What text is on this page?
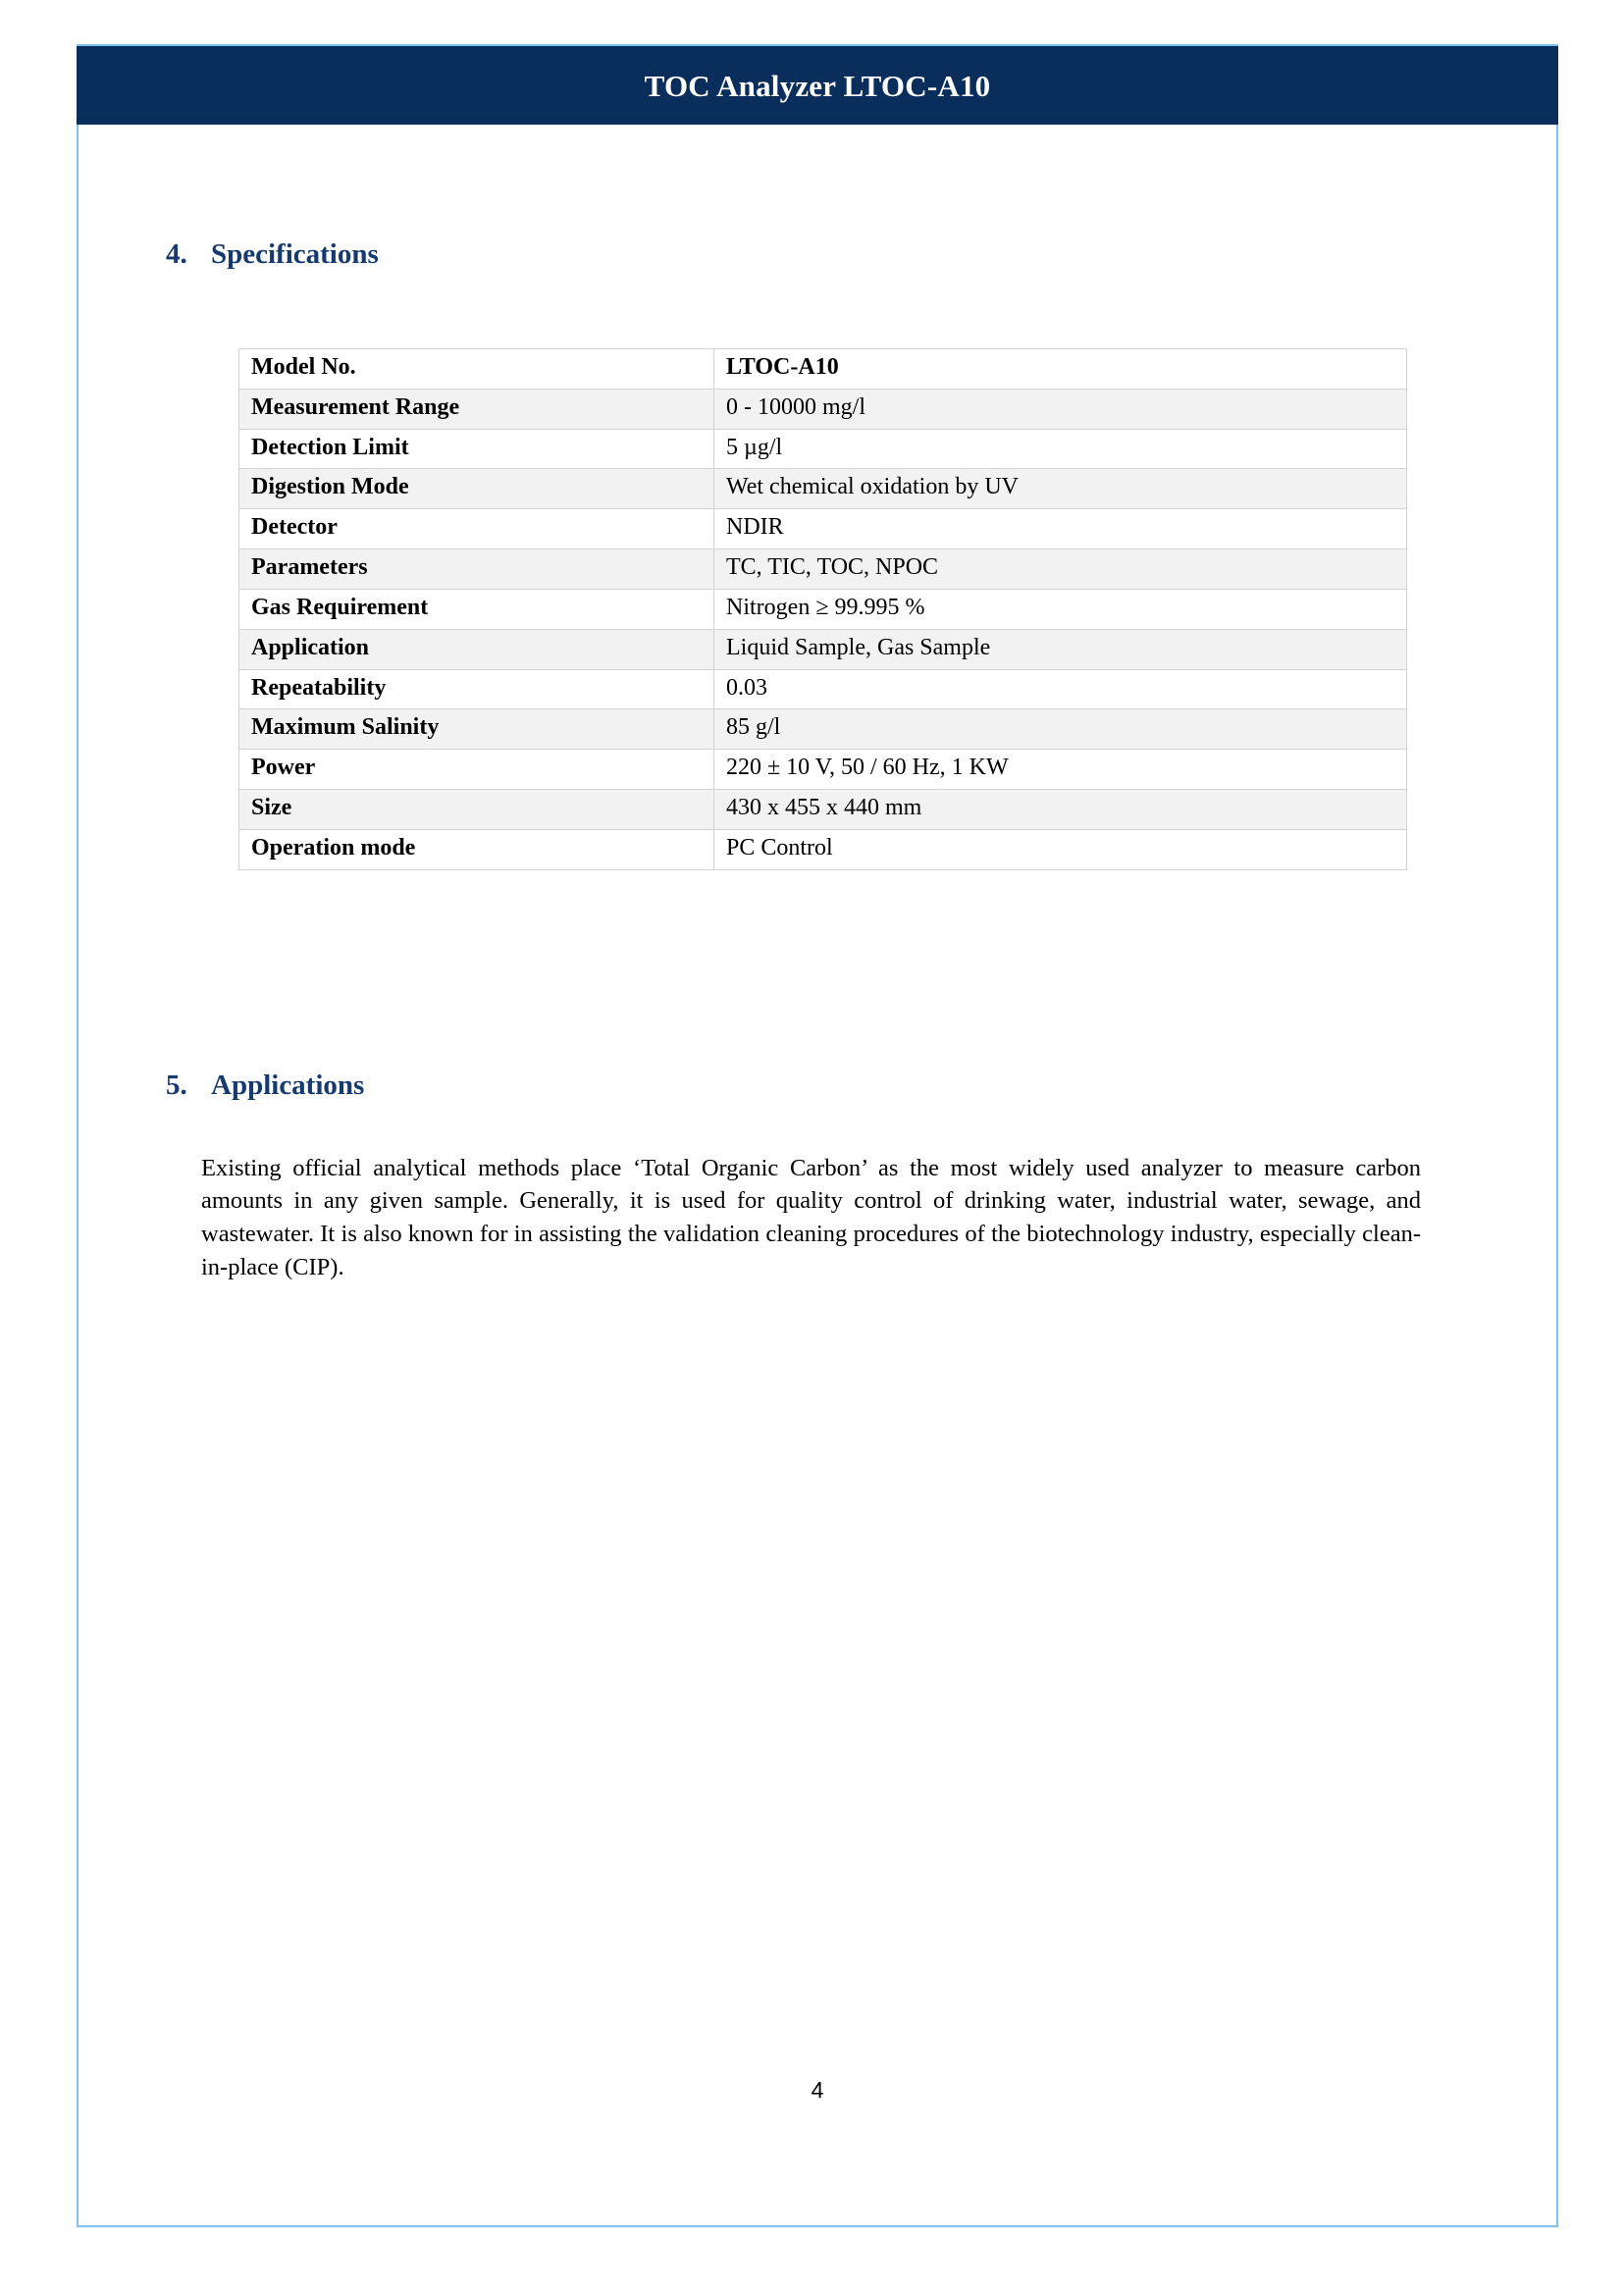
TOC Analyzer LTOC-A10
4. Specifications
Model No.	LTOC-A10
Measurement Range	0 - 10000 mg/l
Detection Limit	5 µg/l
Digestion Mode	Wet chemical oxidation by UV
Detector	NDIR
Parameters	TC, TIC, TOC, NPOC
Gas Requirement	Nitrogen ≥ 99.995 %
Application	Liquid Sample, Gas Sample
Repeatability	0.03
Maximum Salinity	85 g/l
Power	220 ± 10 V, 50 / 60 Hz, 1 KW
Size	430 x 455 x 440 mm
Operation mode	PC Control
5. Applications

Existing official analytical methods place ‘Total Organic Carbon’ as the most widely used analyzer to measure carbon amounts in any given sample. Generally, it is used for quality control of drinking water, industrial water, sewage, and wastewater. It is also known for in assisting the validation cleaning procedures of the biotechnology industry, especially clean-in-place (CIP).

4
